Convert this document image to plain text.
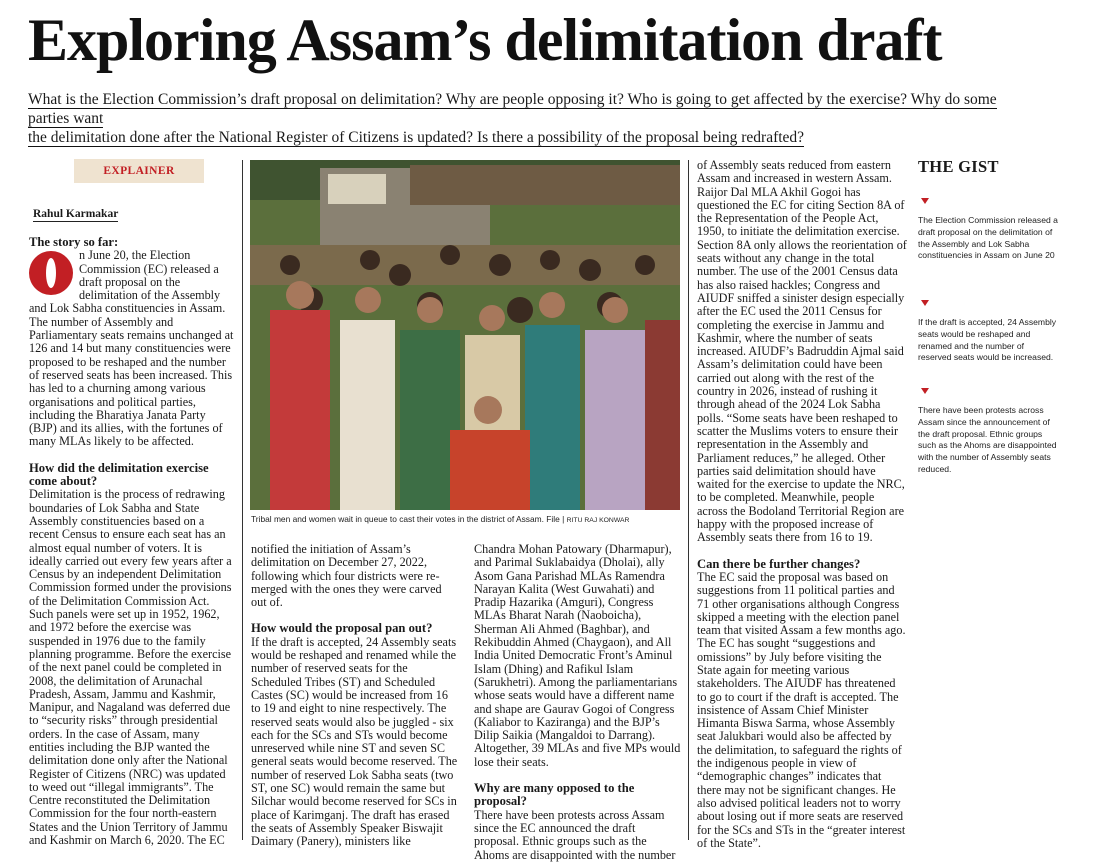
Exploring Assam’s delimitation draft
What is the Election Commission’s draft proposal on delimitation? Why are people opposing it? Who is going to get affected by the exercise? Why do some parties want
the delimitation done after the National Register of Citizens is updated? Is there a possibility of the proposal being redrafted?
EXPLAINER
Rahul Karmakar
The story so far:

n June 20, the Election Commission (EC) released a draft proposal on the delimitation of the Assembly and Lok Sabha constituencies in Assam. The number of Assembly and Parliamentary seats remains unchanged at 126 and 14 but many constituencies were proposed to be reshaped and the number of reserved seats has been increased. This has led to a churning among various organisations and political parties, including the Bharatiya Janata Party (BJP) and its allies, with the fortunes of many MLAs likely to be affected.

How did the delimitation exercise come about?

Delimitation is the process of redrawing boundaries of Lok Sabha and State Assembly constituencies based on a recent Census to ensure each seat has an almost equal number of voters. It is ideally carried out every few years after a Census by an independent Delimitation Commission formed under the provisions of the Delimitation Commission Act. Such panels were set up in 1952, 1962, and 1972 before the exercise was suspended in 1976 due to the family planning programme. Before the exercise of the next panel could be completed in 2008, the delimitation of Arunachal Pradesh, Assam, Jammu and Kashmir, Manipur, and Nagaland was deferred due to “security risks” through presidential orders. In the case of Assam, many entities including the BJP wanted the delimitation done only after the National Register of Citizens (NRC) was updated to weed out “illegal immigrants”. The Centre reconstituted the Delimitation Commission for the four north-eastern States and the Union Territory of Jammu and Kashmir on March 6, 2020. The EC

Tribal men and women wait in queue to cast their votes in the district of Assam. File | RITU RAJ KONWAR

notified the initiation of Assam’s delimitation on December 27, 2022, following which four districts were re-merged with the ones they were carved out of.

How would the proposal pan out?

If the draft is accepted, 24 Assembly seats would be reshaped and renamed while the number of reserved seats for the Scheduled Tribes (ST) and Scheduled Castes (SC) would be increased from 16 to 19 and eight to nine respectively. The reserved seats would also be juggled - six each for the SCs and STs would become unreserved while nine ST and seven SC general seats would become reserved. The number of reserved Lok Sabha seats (two ST, one SC) would remain the same but Silchar would become reserved for SCs in place of Karimganj. The draft has erased the seats of Assembly Speaker Biswajit Daimary (Panery), ministers like

Chandra Mohan Patowary (Dharmapur), and Parimal Suklabaidya (Dholai), ally Asom Gana Parishad MLAs Ramendra Narayan Kalita (West Guwahati) and Pradip Hazarika (Amguri), Congress MLAs Bharat Narah (Naoboicha), Sherman Ali Ahmed (Baghbar), and Rekibuddin Ahmed (Chaygaon), and All India United Democratic Front’s Aminul Islam (Dhing) and Rafikul Islam (Sarukhetri). Among the parliamentarians whose seats would have a different name and shape are Gaurav Gogoi of Congress (Kaliabor to Kaziranga) and the BJP’s Dilip Saikia (Mangaldoi to Darrang). Altogether, 39 MLAs and five MPs would lose their seats.

Why are many opposed to the proposal?

There have been protests across Assam since the EC announced the draft proposal. Ethnic groups such as the Ahoms are disappointed with the number

of Assembly seats reduced from eastern Assam and increased in western Assam. Raijor Dal MLA Akhil Gogoi has questioned the EC for citing Section 8A of the Representation of the People Act, 1950, to initiate the delimitation exercise. Section 8A only allows the reorientation of seats without any change in the total number. The use of the 2001 Census data has also raised hackles; Congress and AIUDF sniffed a sinister design especially after the EC used the 2011 Census for completing the exercise in Jammu and Kashmir, where the number of seats increased. AIUDF’s Badruddin Ajmal said Assam’s delimitation could have been carried out along with the rest of the country in 2026, instead of rushing it through ahead of the 2024 Lok Sabha polls. “Some seats have been reshaped to scatter the Muslims voters to ensure their representation in the Assembly and Parliament reduces,” he alleged. Other parties said delimitation should have waited for the exercise to update the NRC, to be completed. Meanwhile, people across the Bodoland Territorial Region are happy with the proposed increase of Assembly seats there from 16 to 19.

Can there be further changes?

The EC said the proposal was based on suggestions from 11 political parties and 71 other organisations although Congress skipped a meeting with the election panel team that visited Assam a few months ago. The EC has sought “suggestions and omissions” by July before visiting the State again for meeting various stakeholders. The AIUDF has threatened to go to court if the draft is accepted. The insistence of Assam Chief Minister Himanta Biswa Sarma, whose Assembly seat Jalukbari would also be affected by the delimitation, to safeguard the rights of the indigenous people in view of “demographic changes” indicates that there may not be significant changes. He also advised political leaders not to worry about losing out if more seats are reserved for the SCs and STs in the “greater interest of the State”.

THE GIST
The Election Commission released a draft proposal on the delimitation of the Assembly and Lok Sabha constituencies in Assam on June 20
If the draft is accepted, 24 Assembly seats would be reshaped and renamed and the number of reserved seats would be increased.
There have been protests across Assam since the announcement of the draft proposal. Ethnic groups such as the Ahoms are disappointed with the number of Assembly seats reduced.
